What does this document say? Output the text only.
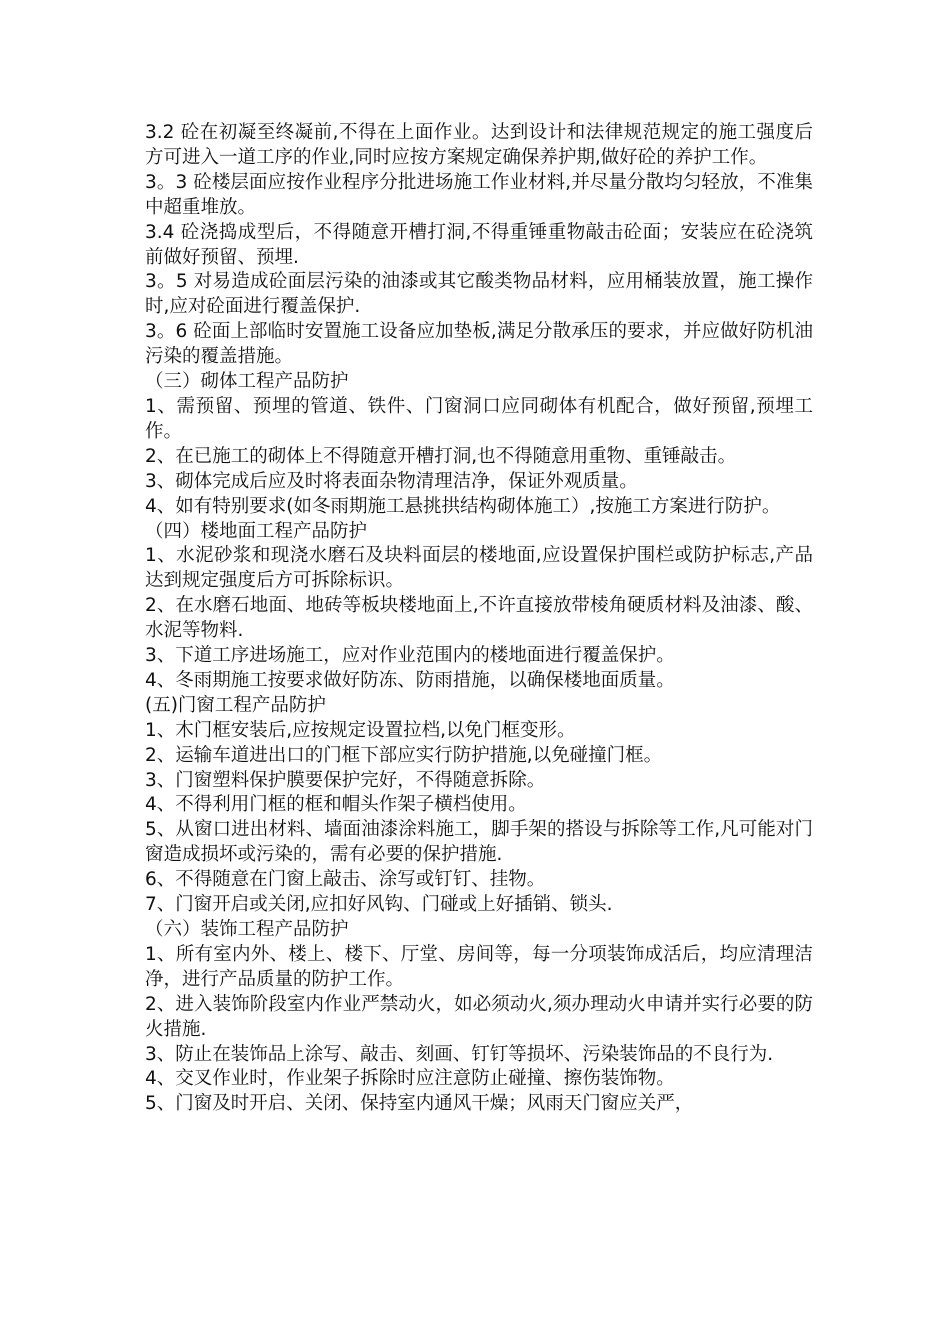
3.2 砼在初凝至终凝前,不得在上面作业。达到设计和法律规范规定的施工强度后方可进入一道工序的作业,同时应按方案规定确保养护期,做好砼的养护工作。

3。3 砼楼层面应按作业程序分批进场施工作业材料,并尽量分散均匀轻放，不准集中超重堆放。

3.4 砼浇捣成型后，不得随意开槽打洞,不得重锤重物敲击砼面；安装应在砼浇筑前做好预留、预埋.

3。5 对易造成砼面层污染的油漆或其它酸类物品材料，应用桶装放置，施工操作时,应对砼面进行覆盖保护.

3。6 砼面上部临时安置施工设备应加垫板,满足分散承压的要求，并应做好防机油污染的覆盖措施。

（三）砌体工程产品防护

1、需预留、预埋的管道、铁件、门窗洞口应同砌体有机配合，做好预留,预埋工作。

2、在已施工的砌体上不得随意开槽打洞,也不得随意用重物、重锤敲击。

3、砌体完成后应及时将表面杂物清理洁净，保证外观质量。

4、如有特别要求(如冬雨期施工悬挑拱结构砌体施工）,按施工方案进行防护。

（四）楼地面工程产品防护

1、水泥砂浆和现浇水磨石及块料面层的楼地面,应设置保护围栏或防护标志,产品达到规定强度后方可拆除标识。

2、在水磨石地面、地砖等板块楼地面上,不许直接放带棱角硬质材料及油漆、酸、水泥等物料.

3、下道工序进场施工，应对作业范围内的楼地面进行覆盖保护。

4、冬雨期施工按要求做好防冻、防雨措施，以确保楼地面质量。

(五)门窗工程产品防护

1、木门框安装后,应按规定设置拉档,以免门框变形。

2、运输车道进出口的门框下部应实行防护措施,以免碰撞门框。

3、门窗塑料保护膜要保护完好，不得随意拆除。

4、不得利用门框的框和帽头作架子横档使用。

5、从窗口进出材料、墙面油漆涂料施工，脚手架的搭设与拆除等工作,凡可能对门窗造成损坏或污染的，需有必要的保护措施.

6、不得随意在门窗上敲击、涂写或钉钉、挂物。

7、门窗开启或关闭,应扣好风钩、门碰或上好插销、锁头.

（六）装饰工程产品防护

1、所有室内外、楼上、楼下、厅堂、房间等，每一分项装饰成活后，均应清理洁净，进行产品质量的防护工作。

2、进入装饰阶段室内作业严禁动火，如必须动火,须办理动火申请并实行必要的防火措施.

3、防止在装饰品上涂写、敲击、刻画、钉钉等损坏、污染装饰品的不良行为.

4、交叉作业时，作业架子拆除时应注意防止碰撞、擦伤装饰物。

5、门窗及时开启、关闭、保持室内通风干燥；风雨天门窗应关严，
